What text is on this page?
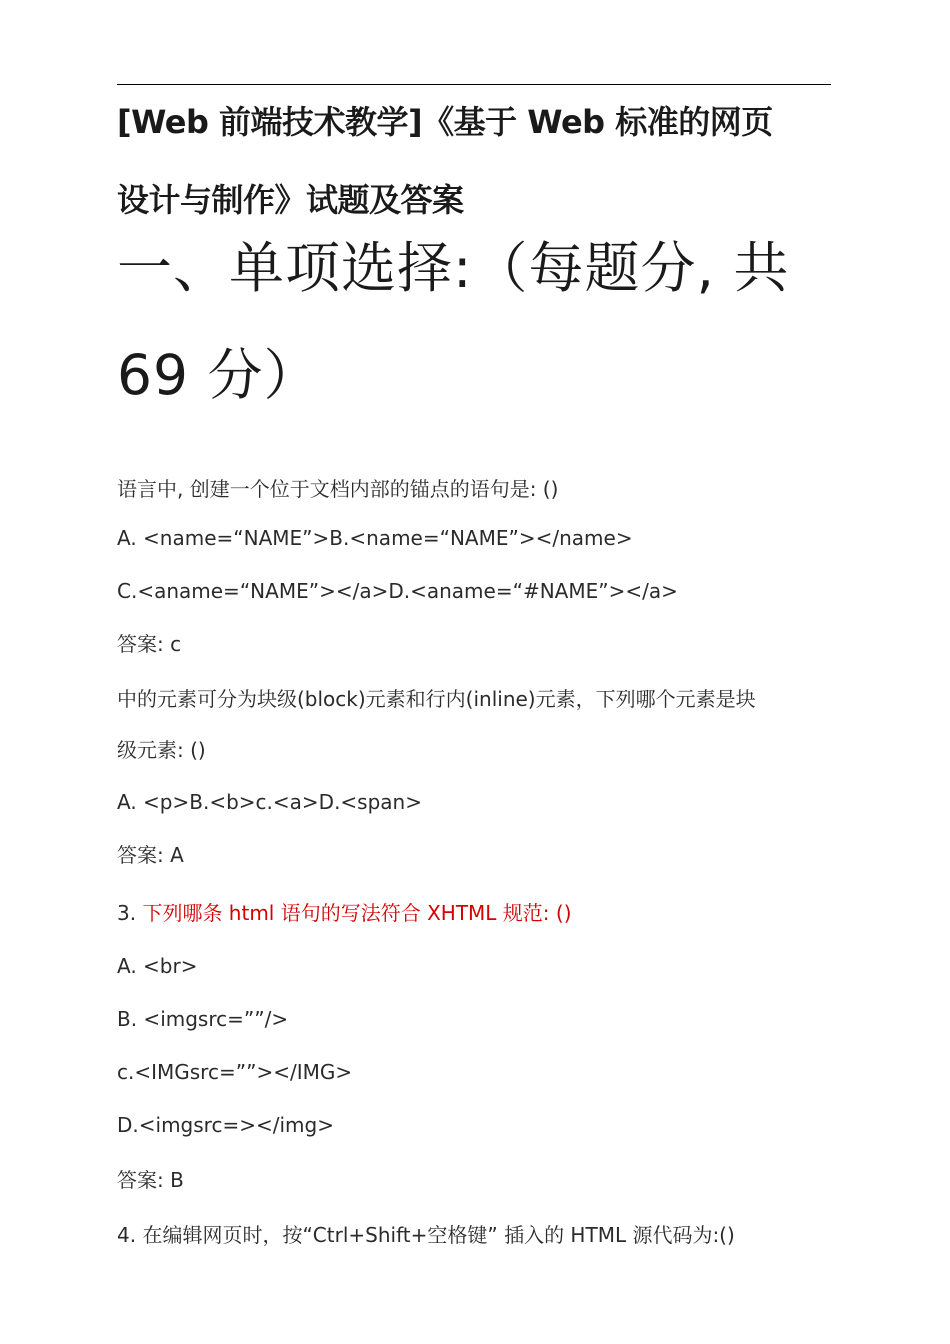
[Web 前端技术教学]《基于 Web 标准的网页
设计与制作》试题及答案
一、单项选择:（每题分, 共
69 分）
语言中, 创建一个位于文档内部的锚点的语句是: ()
A. <name=“NAME”>B.<name=“NAME”></name>
C.<aname=“NAME”></a>D.<aname=“#NAME”></a>
答案: c
中的元素可分为块级(block)元素和行内(inline)元素，下列哪个元素是块
级元素: ()
A. <p>B.<b>c.<a>D.<span>
答案: A
3. 下列哪条 html 语句的写法符合 XHTML 规范: ()
A. <br>
B. <imgsrc=””/>
c.<IMGsrc=””></IMG>
D.<imgsrc=></img>
答案: B
4. 在编辑网页时，按“Ctrl+Shift+空格键” 插入的 HTML 源代码为:()
